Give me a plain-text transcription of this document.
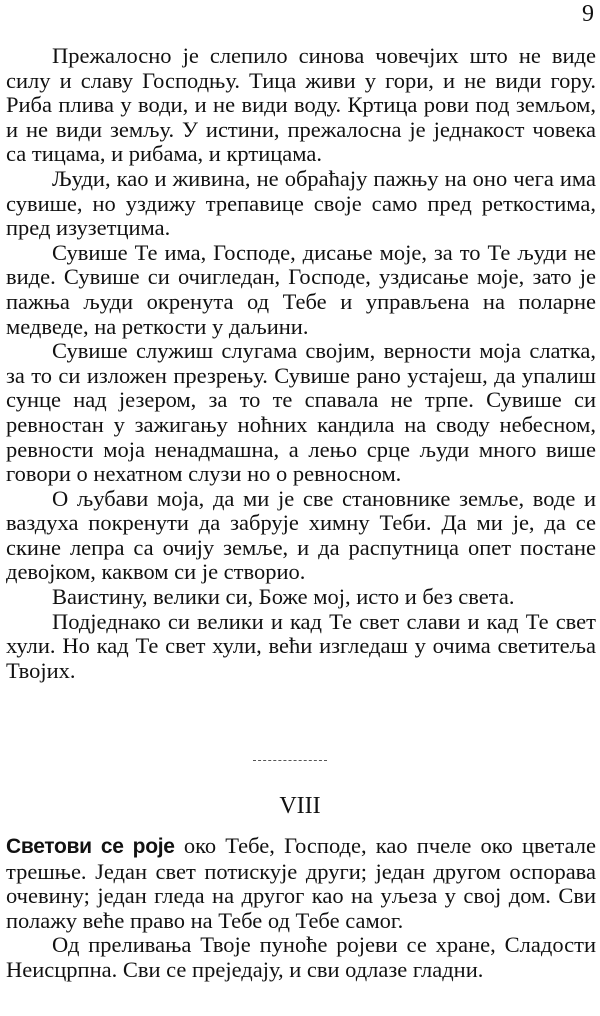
9

Прежалосно је слепило синова човечјих што не виде силу и славу Господњу. Тица живи у гори, и не види гору. Риба плива у води, и не види воду. Кртица рови под земљом, и не види земљу. У истини, прежалосна је једнакост човека са тицама, и рибама, и кртицама.

Људи, као и живина, не обраћају пажњу на оно чега има сувише, но уздижу трепавице своје само пред реткостима, пред изузетцима.

Сувише Те има, Господе, дисање моје, за то Те људи не виде. Сувише си очигледан, Господе, уздисање моје, зато је пажња људи окренута од Тебе и управљена на поларне медведе, на реткости у даљини.

Сувише служиш слугама својим, верности моја слатка, за то си изложен презрењу. Сувише рано устајеш, да упалиш сунце над језером, за то те спавала не трпе. Сувише си ревностан у зажигању ноћних кандила на своду небесном, ревности моја ненадмашна, а лењо срце људи много више говори о нехатном слузи но о ревносном.

О љубави моја, да ми је све становнике земље, воде и ваздуха покренути да забрује химну Теби. Да ми је, да се скине лепра са очију земље, и да распутница опет постане девојком, каквом си је створио.

Ваистину, велики си, Боже мој, исто и без света.

Подједнако си велики и кад Те свет слави и кад Те свет хули. Но кад Те свет хули, већи изгледаш у очима светитеља Твојих.

VIII

Светови се роје око Тебе, Господе, као пчеле око цветале трешње. Један свет потискује други; један другом оспорава очевину; један гледа на другог као на уљеза у свој дом. Сви полажу веће право на Тебе од Тебе самог.

Од преливања Твоје пуноће ројеви се хране, Сладости Неисцрпна. Сви се преједају, и сви одлазе гладни.
